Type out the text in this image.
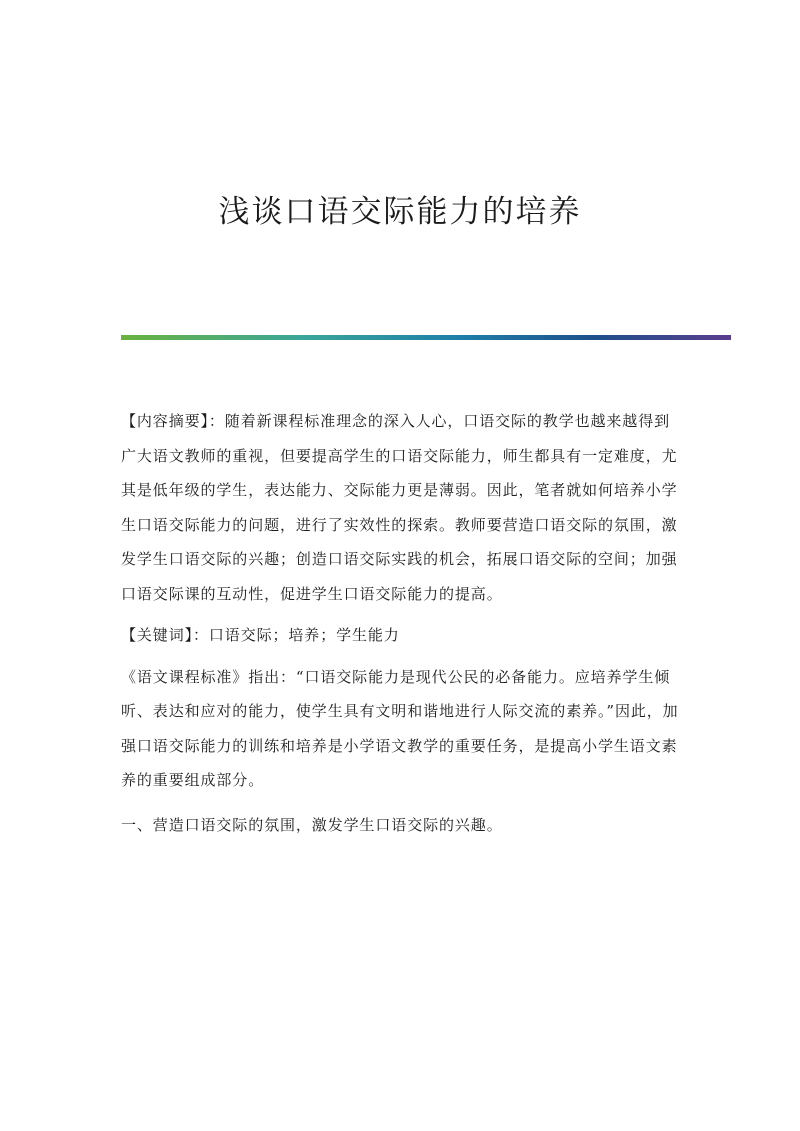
浅谈口语交际能力的培养

【内容摘要】：随着新课程标准理念的深入人心，口语交际的教学也越来越得到广大语文教师的重视，但要提高学生的口语交际能力，师生都具有一定难度，尤其是低年级的学生，表达能力、交际能力更是薄弱。因此，笔者就如何培养小学生口语交际能力的问题，进行了实效性的探索。教师要营造口语交际的氛围，激发学生口语交际的兴趣；创造口语交际实践的机会，拓展口语交际的空间；加强口语交际课的互动性，促进学生口语交际能力的提高。

【关键词】：口语交际；培养；学生能力

《语文课程标准》指出：“口语交际能力是现代公民的必备能力。应培养学生倾听、表达和应对的能力，使学生具有文明和谐地进行人际交流的素养。”因此，加强口语交际能力的训练和培养是小学语文教学的重要任务，是提高小学生语文素养的重要组成部分。

一、营造口语交际的氛围，激发学生口语交际的兴趣。
